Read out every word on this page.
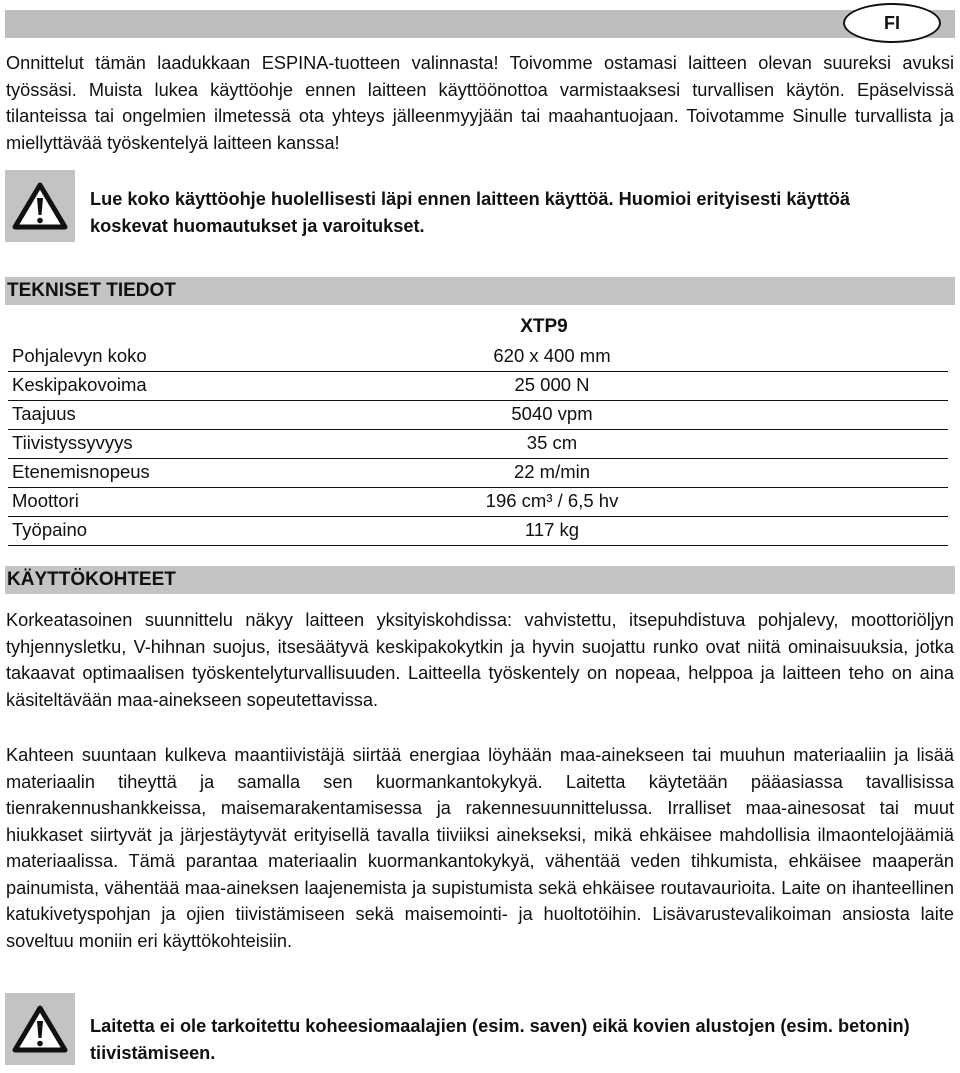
FI

Onnittelut tämän laadukkaan ESPINA-tuotteen valinnasta! Toivomme ostamasi laitteen olevan suureksi avuksi työssäsi. Muista lukea käyttöohje ennen laitteen käyttöönottoa varmistaaksesi turvallisen käytön. Epäselvissä tilanteissa tai ongelmien ilmetessä ota yhteys jälleenmyyjään tai maahantuojaan. Toivotamme Sinulle turvallista ja miellyttävää työskentelyä laitteen kanssa!

Lue koko käyttöohje huolellisesti läpi ennen laitteen käyttöä. Huomioi erityisesti käyttöä koskevat huomautukset ja varoitukset.

TEKNISET TIEDOT
XTP9
Pohjalevyn koko	620 x 400 mm
Keskipakovoima	25 000 N
Taajuus	5040 vpm
Tiivistyssyvyys	35 cm
Etenemisnopeus	22 m/min
Moottori	196 cm³ / 6,5 hv
Työpaino	117 kg
KÄYTTÖKOHTEET

Korkeatasoinen suunnittelu näkyy laitteen yksityiskohdissa: vahvistettu, itsepuhdistuva pohjalevy, moottoriöljyn tyhjennysletku, V-hihnan suojus, itsesäätyvä keskipakokytkin ja hyvin suojattu runko ovat niitä ominaisuuksia, jotka takaavat optimaalisen työskentelyturvallisuuden. Laitteella työskentely on nopeaa, helppoa ja laitteen teho on aina käsiteltävään maa-ainekseen sopeutettavissa.

Kahteen suuntaan kulkeva maantiivistäjä siirtää energiaa löyhään maa-ainekseen tai muuhun materiaaliin ja lisää materiaalin tiheyttä ja samalla sen kuormankantokykyä. Laitetta käytetään pääasiassa tavallisissa tienrakennushankkeissa, maisemarakentamisessa ja rakennesuunnittelussa. Irralliset maa-ainesosat tai muut hiukkaset siirtyvät ja järjestäytyvät erityisellä tavalla tiiviiksi ainekseksi, mikä ehkäisee mahdollisia ilmaontelojäämiä materiaalissa. Tämä parantaa materiaalin kuormankantokykyä, vähentää veden tihkumista, ehkäisee maaperän painumista, vähentää maa-aineksen laajenemista ja supistumista sekä ehkäisee routavaurioita. Laite on ihanteellinen katukivetyspohjan ja ojien tiivistämiseen sekä maisemointi- ja huoltotöihin. Lisävarustevalikoiman ansiosta laite soveltuu moniin eri käyttökohteisiin.

Laitetta ei ole tarkoitettu koheesiomaalajien (esim. saven) eikä kovien alustojen (esim. betonin) tiivistämiseen.
